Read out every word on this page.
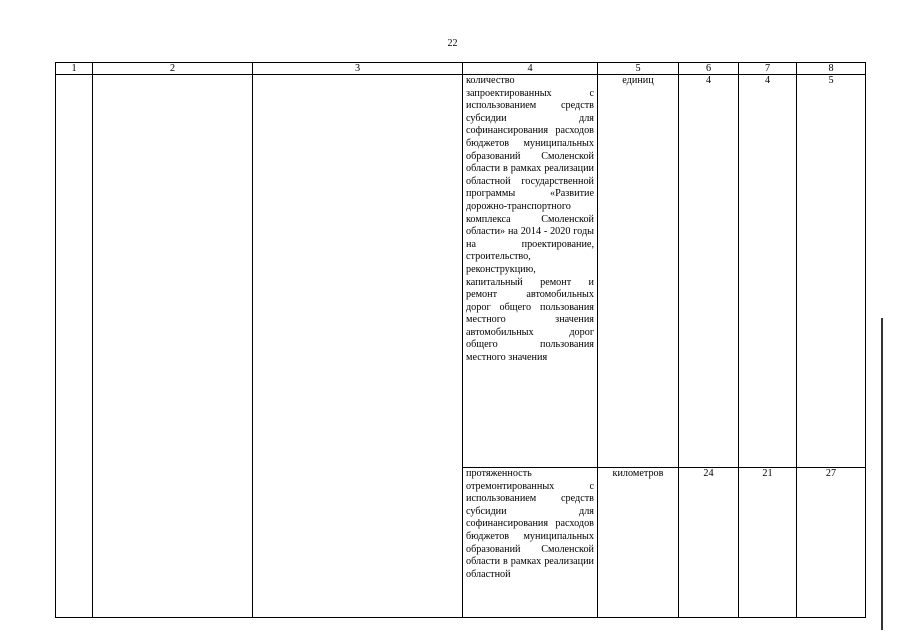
22
1	2	3	4	5	6	7	8
			количество запроектированных с использованием средств субсидии для софинансирования расходов бюджетов муниципальных образований Смоленской области в рамках реализации областной государственной программы «Развитие дорожно-транспортного комплекса Смоленской области» на 2014 - 2020 годы на проектирование, строительство, реконструкцию, капитальный ремонт и ремонт автомобильных дорог общего пользования местного значения автомобильных дорог общего пользования местного значения	единиц	4	4	5
			протяженность отремонтированных с использованием средств субсидии для софинансирования расходов бюджетов муниципальных образований Смоленской области в рамках реализации областной	километров	24	21	27
